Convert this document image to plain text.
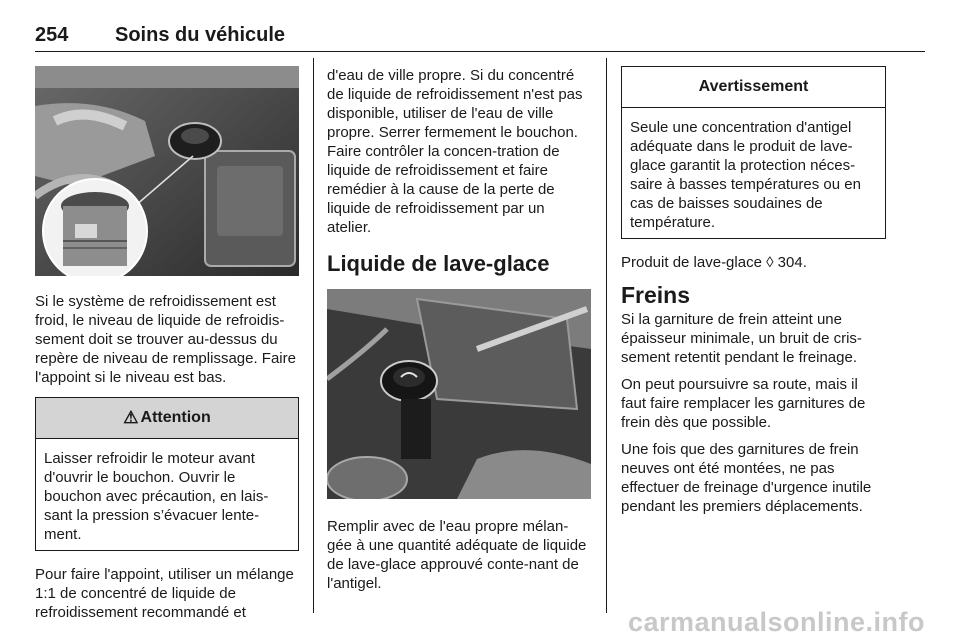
254 Soins du véhicule

Si le système de refroidissement est froid, le niveau de liquide de refroidis-sement doit se trouver au-dessus du repère de niveau de remplissage. Faire l'appoint si le niveau est bas.

⚠ Attention

Laisser refroidir le moteur avant d'ouvrir le bouchon. Ouvrir le bouchon avec précaution, en lais-sant la pression s’évacuer lente-ment.

Pour faire l'appoint, utiliser un mélange 1:1 de concentré de liquide de refroidissement recommandé et

d'eau de ville propre. Si du concentré de liquide de refroidissement n'est pas disponible, utiliser de l'eau de ville propre. Serrer fermement le bouchon. Faire contrôler la concen-tration de liquide de refroidissement et faire remédier à la cause de la perte de liquide de refroidissement par un atelier.

Liquide de lave-glace

Remplir avec de l'eau propre mélan-gée à une quantité adéquate de liquide de lave-glace approuvé conte-nant de l'antigel.

Avertissement

Seule une concentration d'antigel adéquate dans le produit de lave-glace garantit la protection néces-saire à basses températures ou en cas de baisses soudaines de température.

Produit de lave-glace ◊ 304.

Freins

Si la garniture de frein atteint une épaisseur minimale, un bruit de cris-sement retentit pendant le freinage.

On peut poursuivre sa route, mais il faut faire remplacer les garnitures de frein dès que possible.

Une fois que des garnitures de frein neuves ont été montées, ne pas effectuer de freinage d'urgence inutile pendant les premiers déplacements.

carmanualsonline.info
